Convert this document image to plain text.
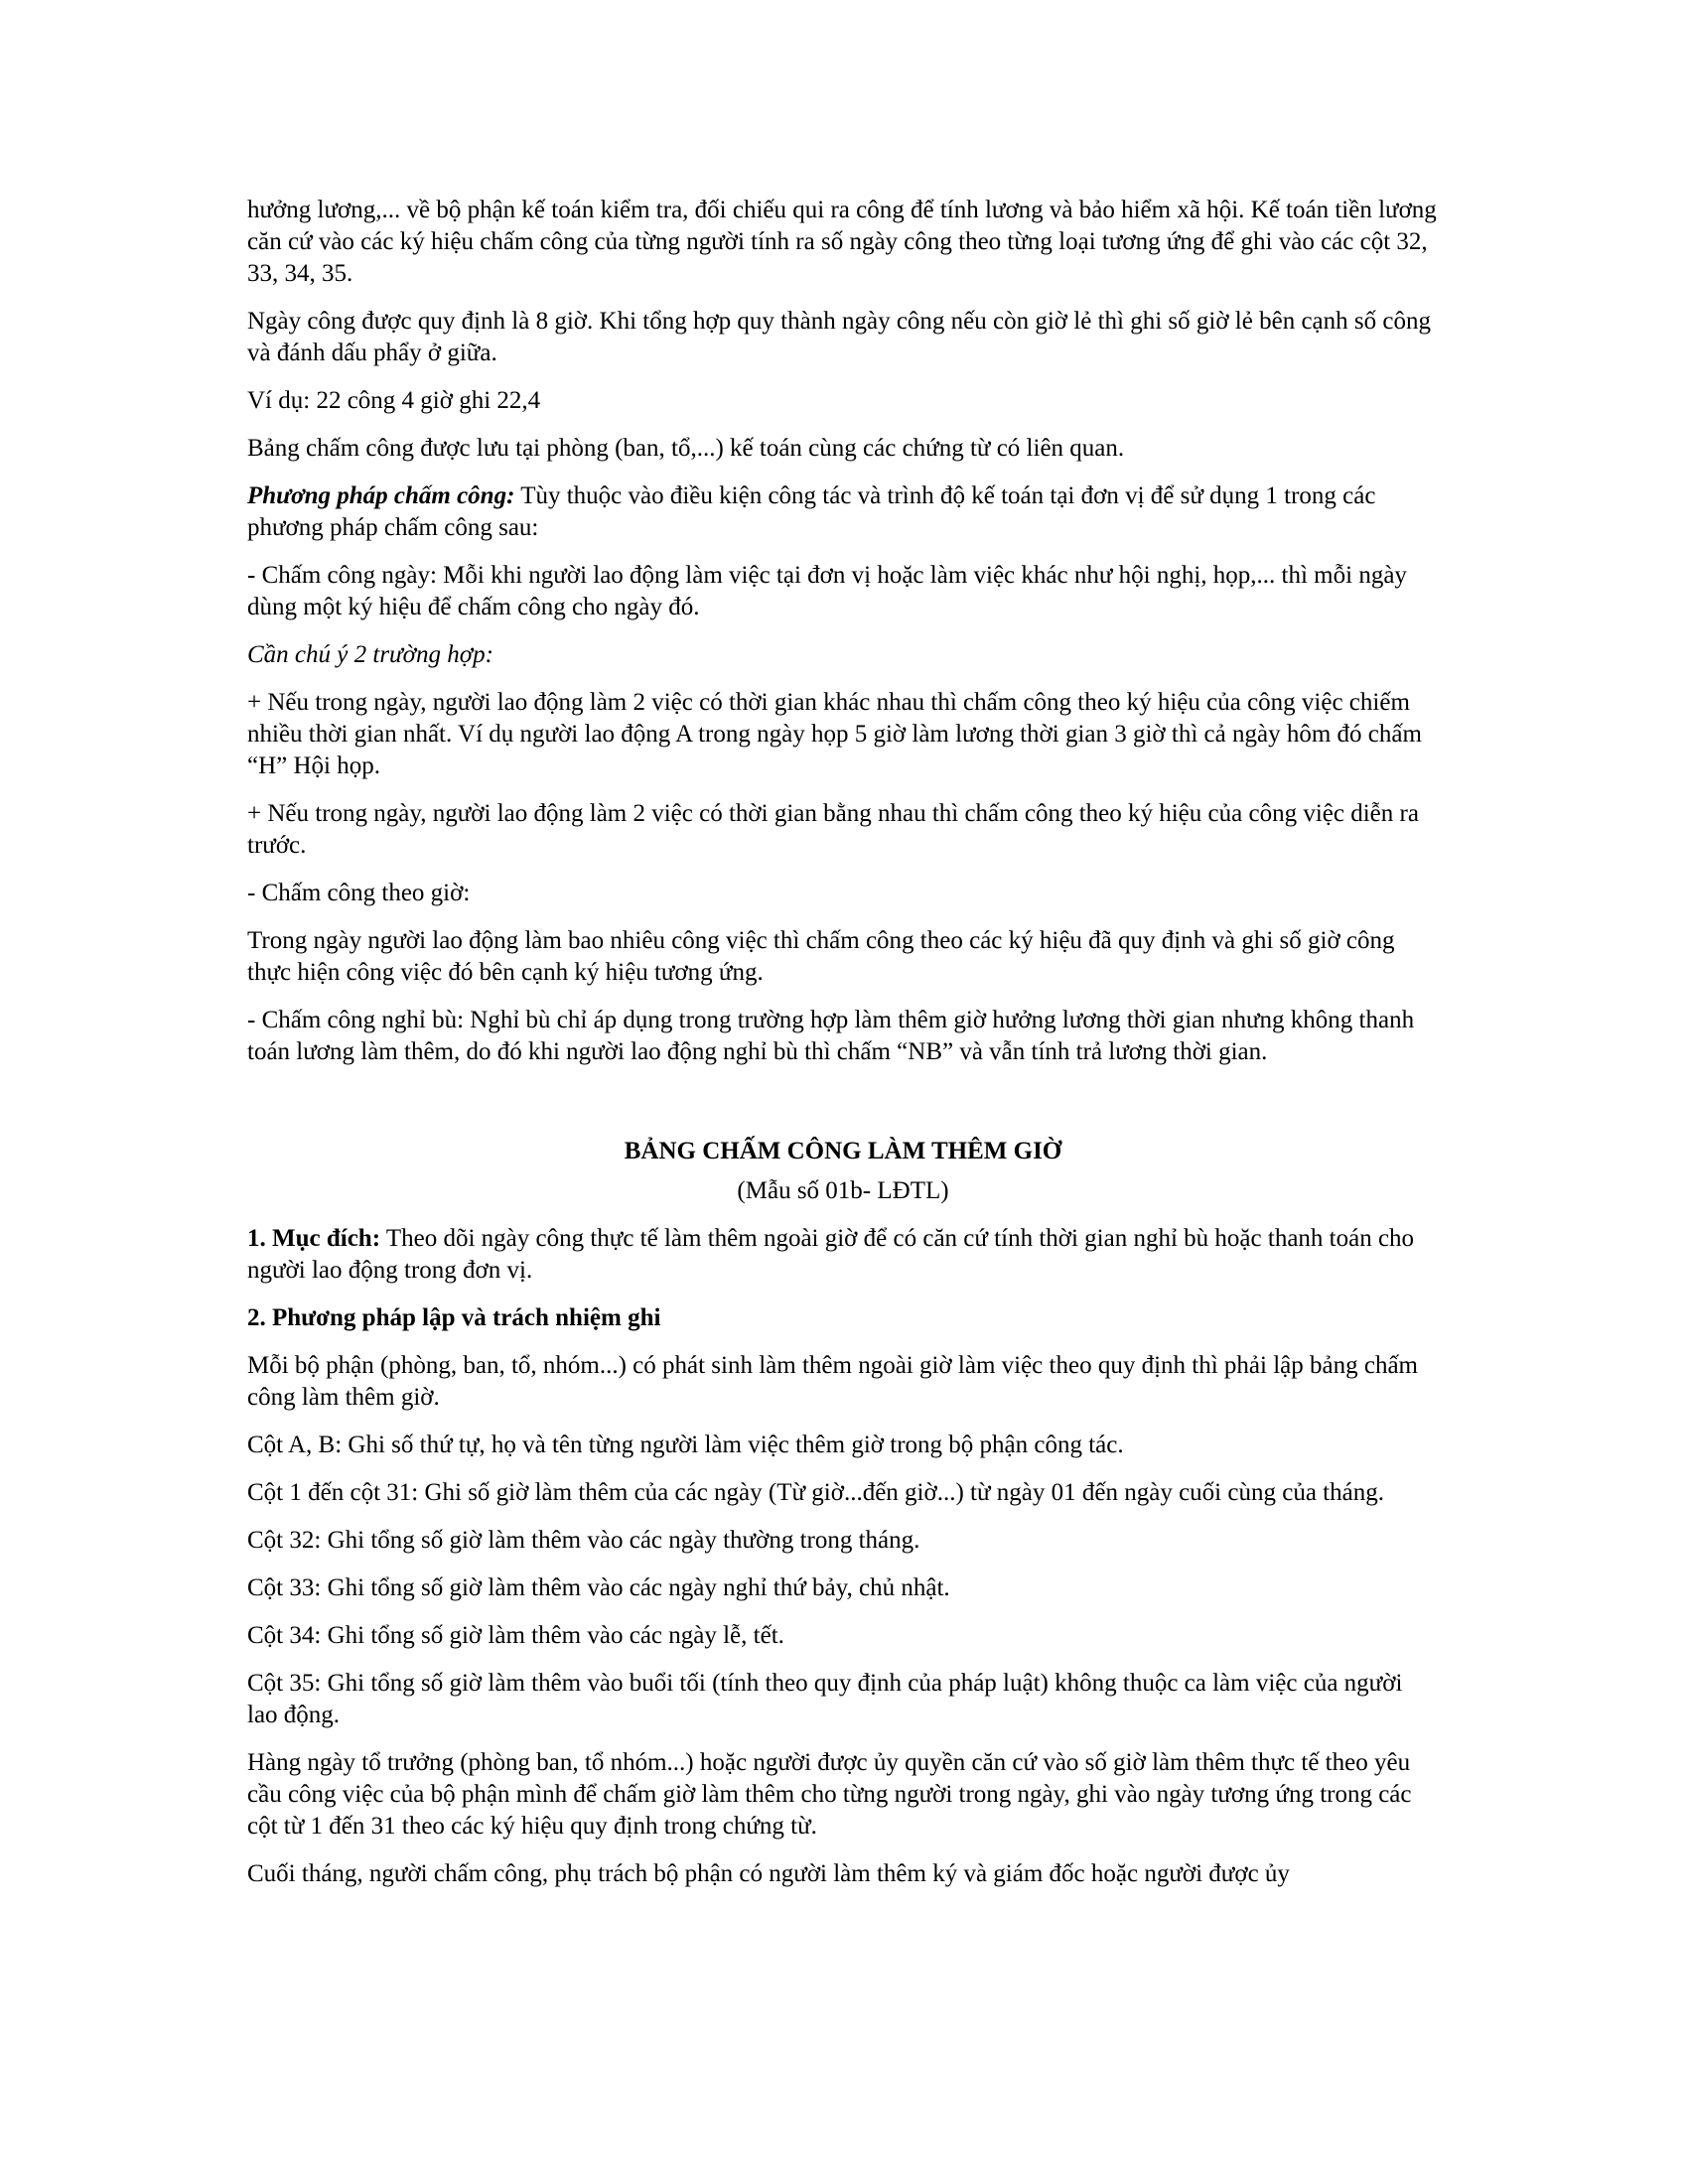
hưởng lương,... về bộ phận kế toán kiểm tra, đối chiếu qui ra công để tính lương và bảo hiểm xã hội. Kế toán tiền lương căn cứ vào các ký hiệu chấm công của từng người tính ra số ngày công theo từng loại tương ứng để ghi vào các cột 32, 33, 34, 35.

Ngày công được quy định là 8 giờ. Khi tổng hợp quy thành ngày công nếu còn giờ lẻ thì ghi số giờ lẻ bên cạnh số công và đánh dấu phẩy ở giữa.

Ví dụ: 22 công 4 giờ ghi 22,4

Bảng chấm công được lưu tại phòng (ban, tổ,...) kế toán cùng các chứng từ có liên quan.

Phương pháp chấm công: Tùy thuộc vào điều kiện công tác và trình độ kế toán tại đơn vị để sử dụng 1 trong các phương pháp chấm công sau:

- Chấm công ngày: Mỗi khi người lao động làm việc tại đơn vị hoặc làm việc khác như hội nghị, họp,... thì mỗi ngày dùng một ký hiệu để chấm công cho ngày đó.

Cần chú ý 2 trường hợp:

+ Nếu trong ngày, người lao động làm 2 việc có thời gian khác nhau thì chấm công theo ký hiệu của công việc chiếm nhiều thời gian nhất. Ví dụ người lao động A trong ngày họp 5 giờ làm lương thời gian 3 giờ thì cả ngày hôm đó chấm “H” Hội họp.

+ Nếu trong ngày, người lao động làm 2 việc có thời gian bằng nhau thì chấm công theo ký hiệu của công việc diễn ra trước.

- Chấm công theo giờ:

Trong ngày người lao động làm bao nhiêu công việc thì chấm công theo các ký hiệu đã quy định và ghi số giờ công thực hiện công việc đó bên cạnh ký hiệu tương ứng.

- Chấm công nghỉ bù: Nghỉ bù chỉ áp dụng trong trường hợp làm thêm giờ hưởng lương thời gian nhưng không thanh toán lương làm thêm, do đó khi người lao động nghỉ bù thì chấm “NB” và vẫn tính trả lương thời gian.

BẢNG CHẤM CÔNG LÀM THÊM GIỜ

(Mẫu số 01b- LĐTL)

1. Mục đích: Theo dõi ngày công thực tế làm thêm ngoài giờ để có căn cứ tính thời gian nghỉ bù hoặc thanh toán cho người lao động trong đơn vị.

2. Phương pháp lập và trách nhiệm ghi

Mỗi bộ phận (phòng, ban, tổ, nhóm...) có phát sinh làm thêm ngoài giờ làm việc theo quy định thì phải lập bảng chấm công làm thêm giờ.

Cột A, B: Ghi số thứ tự, họ và tên từng người làm việc thêm giờ trong bộ phận công tác.

Cột 1 đến cột 31: Ghi số giờ làm thêm của các ngày (Từ giờ...đến giờ...) từ ngày 01 đến ngày cuối cùng của tháng.

Cột 32: Ghi tổng số giờ làm thêm vào các ngày thường trong tháng.

Cột 33: Ghi tổng số giờ làm thêm vào các ngày nghỉ thứ bảy, chủ nhật.

Cột 34: Ghi tổng số giờ làm thêm vào các ngày lễ, tết.

Cột 35: Ghi tổng số giờ làm thêm vào buổi tối (tính theo quy định của pháp luật) không thuộc ca làm việc của người lao động.

Hàng ngày tổ trưởng (phòng ban, tổ nhóm...) hoặc người được ủy quyền căn cứ vào số giờ làm thêm thực tế theo yêu cầu công việc của bộ phận mình để chấm giờ làm thêm cho từng người trong ngày, ghi vào ngày tương ứng trong các cột từ 1 đến 31 theo các ký hiệu quy định trong chứng từ.

Cuối tháng, người chấm công, phụ trách bộ phận có người làm thêm ký và giám đốc hoặc người được ủy
